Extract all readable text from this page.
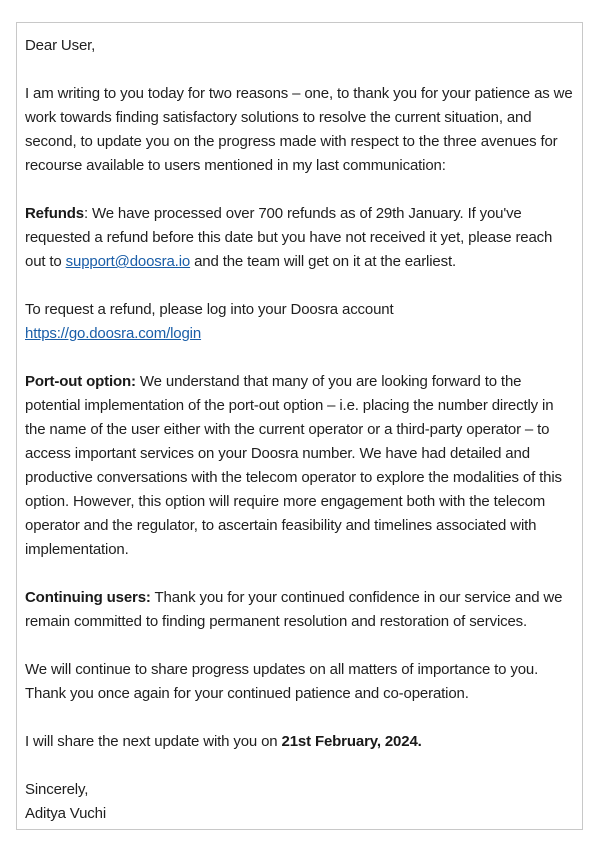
Dear User,

I am writing to you today for two reasons – one, to thank you for your patience as we work towards finding satisfactory solutions to resolve the current situation, and second, to update you on the progress made with respect to the three avenues for recourse available to users mentioned in my last communication:

Refunds: We have processed over 700 refunds as of 29th January. If you've requested a refund before this date but you have not received it yet, please reach out to support@doosra.io and the team will get on it at the earliest.

To request a refund, please log into your Doosra account
https://go.doosra.com/login

Port-out option: We understand that many of you are looking forward to the potential implementation of the port-out option – i.e. placing the number directly in the name of the user either with the current operator or a third-party operator – to access important services on your Doosra number. We have had detailed and productive conversations with the telecom operator to explore the modalities of this option. However, this option will require more engagement both with the telecom operator and the regulator, to ascertain feasibility and timelines associated with implementation.

Continuing users: Thank you for your continued confidence in our service and we remain committed to finding permanent resolution and restoration of services.

We will continue to share progress updates on all matters of importance to you. Thank you once again for your continued patience and co-operation.

I will share the next update with you on 21st February, 2024.

Sincerely,

Aditya Vuchi
